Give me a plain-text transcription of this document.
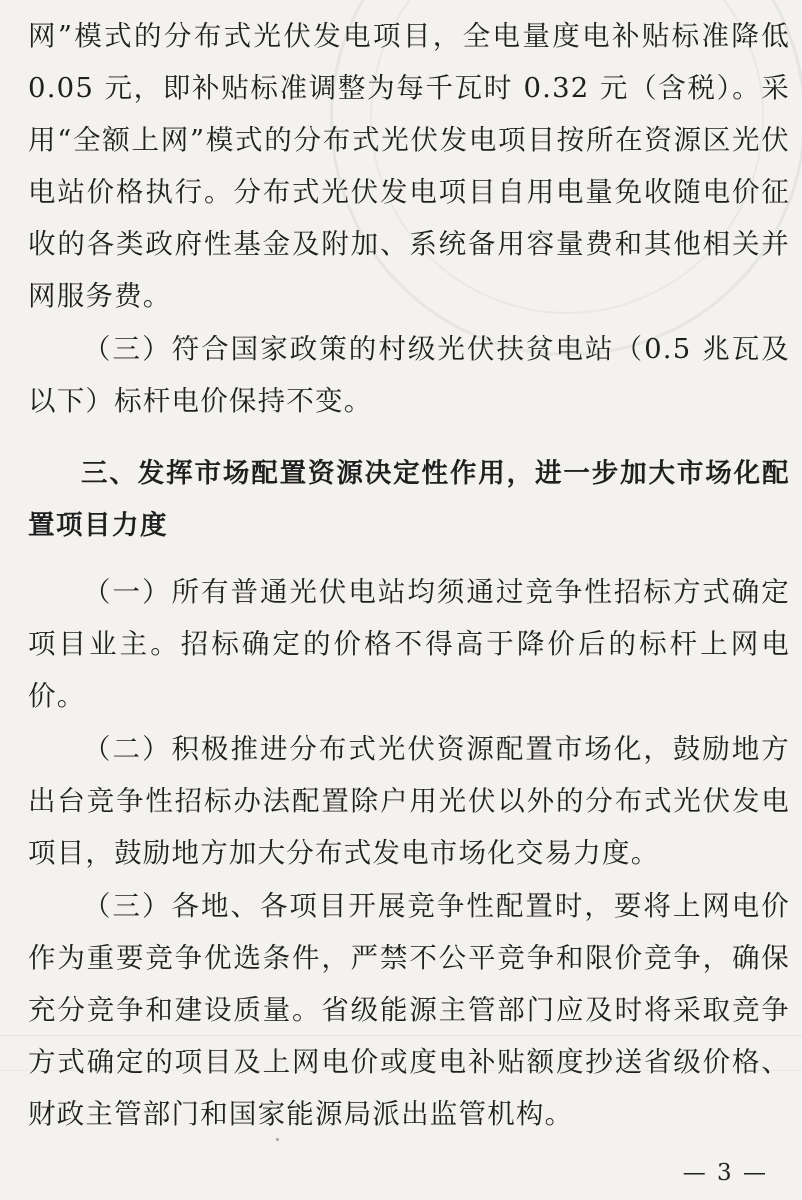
网”模式的分布式光伏发电项目，全电量度电补贴标准降低 0.05 元，即补贴标准调整为每千瓦时 0.32 元（含税）。采用“全额上网”模式的分布式光伏发电项目按所在资源区光伏电站价格执行。分布式光伏发电项目自用电量免收随电价征收的各类政府性基金及附加、系统备用容量费和其他相关并网服务费。

（三）符合国家政策的村级光伏扶贫电站（0.5 兆瓦及以下）标杆电价保持不变。

三、发挥市场配置资源决定性作用，进一步加大市场化配置项目力度

（一）所有普通光伏电站均须通过竞争性招标方式确定项目业主。招标确定的价格不得高于降价后的标杆上网电价。

（二）积极推进分布式光伏资源配置市场化，鼓励地方出台竞争性招标办法配置除户用光伏以外的分布式光伏发电项目，鼓励地方加大分布式发电市场化交易力度。

（三）各地、各项目开展竞争性配置时，要将上网电价作为重要竞争优选条件，严禁不公平竞争和限价竞争，确保充分竞争和建设质量。省级能源主管部门应及时将采取竞争方式确定的项目及上网电价或度电补贴额度抄送省级价格、财政主管部门和国家能源局派出监管机构。

— 3 —
